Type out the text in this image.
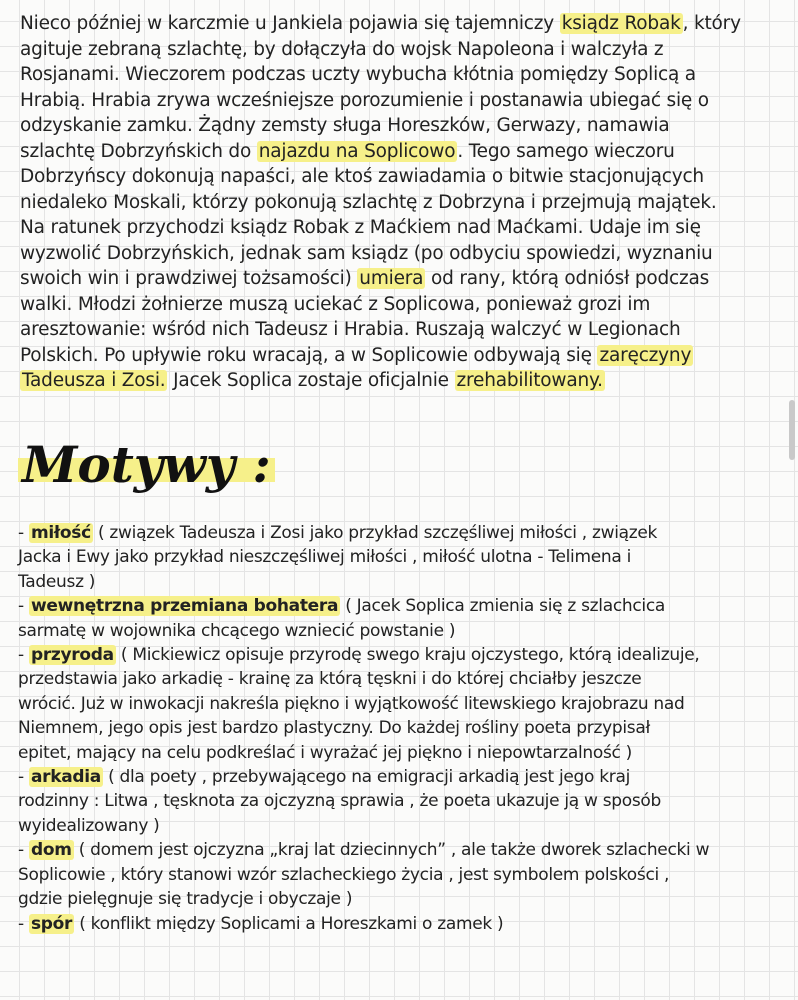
Nieco później w karczmie u Jankiela pojawia się tajemniczy ksiądz Robak , który
agituje zebraną szlachtę, by dołączyła do wojsk Napoleona i walczyła z
Rosjanami. Wieczorem podczas uczty wybucha kłótnia pomiędzy Soplicą a
Hrabią. Hrabia zrywa wcześniejsze porozumienie i postanawia ubiegać się o
odzyskanie zamku. Żądny zemsty sługa Horeszków, Gerwazy, namawia
szlachtę Dobrzyńskich do najazdu na Soplicowo . Tego samego wieczoru
Dobrzyńscy dokonują napaści, ale ktoś zawiadamia o bitwie stacjonujących
niedaleko Moskali, którzy pokonują szlachtę z Dobrzyna i przejmują majątek.
Na ratunek przychodzi ksiądz Robak z Maćkiem nad Maćkami. Udaje im się
wyzwolić Dobrzyńskich, jednak sam ksiądz (po odbyciu spowiedzi, wyznaniu
swoich win i prawdziwej tożsamości) umiera od rany, którą odniósł podczas
walki. Młodzi żołnierze muszą uciekać z Soplicowa, ponieważ grozi im
aresztowanie: wśród nich Tadeusz i Hrabia. Ruszają walczyć w Legionach
Polskich. Po upływie roku wracają, a w Soplicowie odbywają się zaręczyny
Tadeusza i Zosi. Jacek Soplica zostaje oficjalnie zrehabilitowany.
Motywy :
- miłość ( związek Tadeusza i Zosi jako przykład szczęśliwej miłości , związek
Jacka i Ewy jako przykład nieszczęśliwej miłości , miłość ulotna - Telimena i
Tadeusz )
- wewnętrzna przemiana bohatera ( Jacek Soplica zmienia się z szlachcica
sarmatę w wojownika chcącego wzniecić powstanie )
- przyroda ( Mickiewicz opisuje przyrodę swego kraju ojczystego, którą idealizuje,
przedstawia jako arkadię - krainę za którą tęskni i do której chciałby jeszcze
wrócić. Już w inwokacji nakreśla piękno i wyjątkowość litewskiego krajobrazu nad
Niemnem, jego opis jest bardzo plastyczny. Do każdej rośliny poeta przypisał
epitet, mający na celu podkreślać i wyrażać jej piękno i niepowtarzalność )
- arkadia ( dla poety , przebywającego na emigracji arkadią jest jego kraj
rodzinny : Litwa , tęsknota za ojczyzną sprawia , że poeta ukazuje ją w sposób
wyidealizowany )
- dom ( domem jest ojczyzna „kraj lat dziecinnych” , ale także dworek szlachecki w
Soplicowie , który stanowi wzór szlacheckiego życia , jest symbolem polskości ,
gdzie pielęgnuje się tradycje i obyczaje )
- spór ( konflikt między Soplicami a Horeszkami o zamek )
